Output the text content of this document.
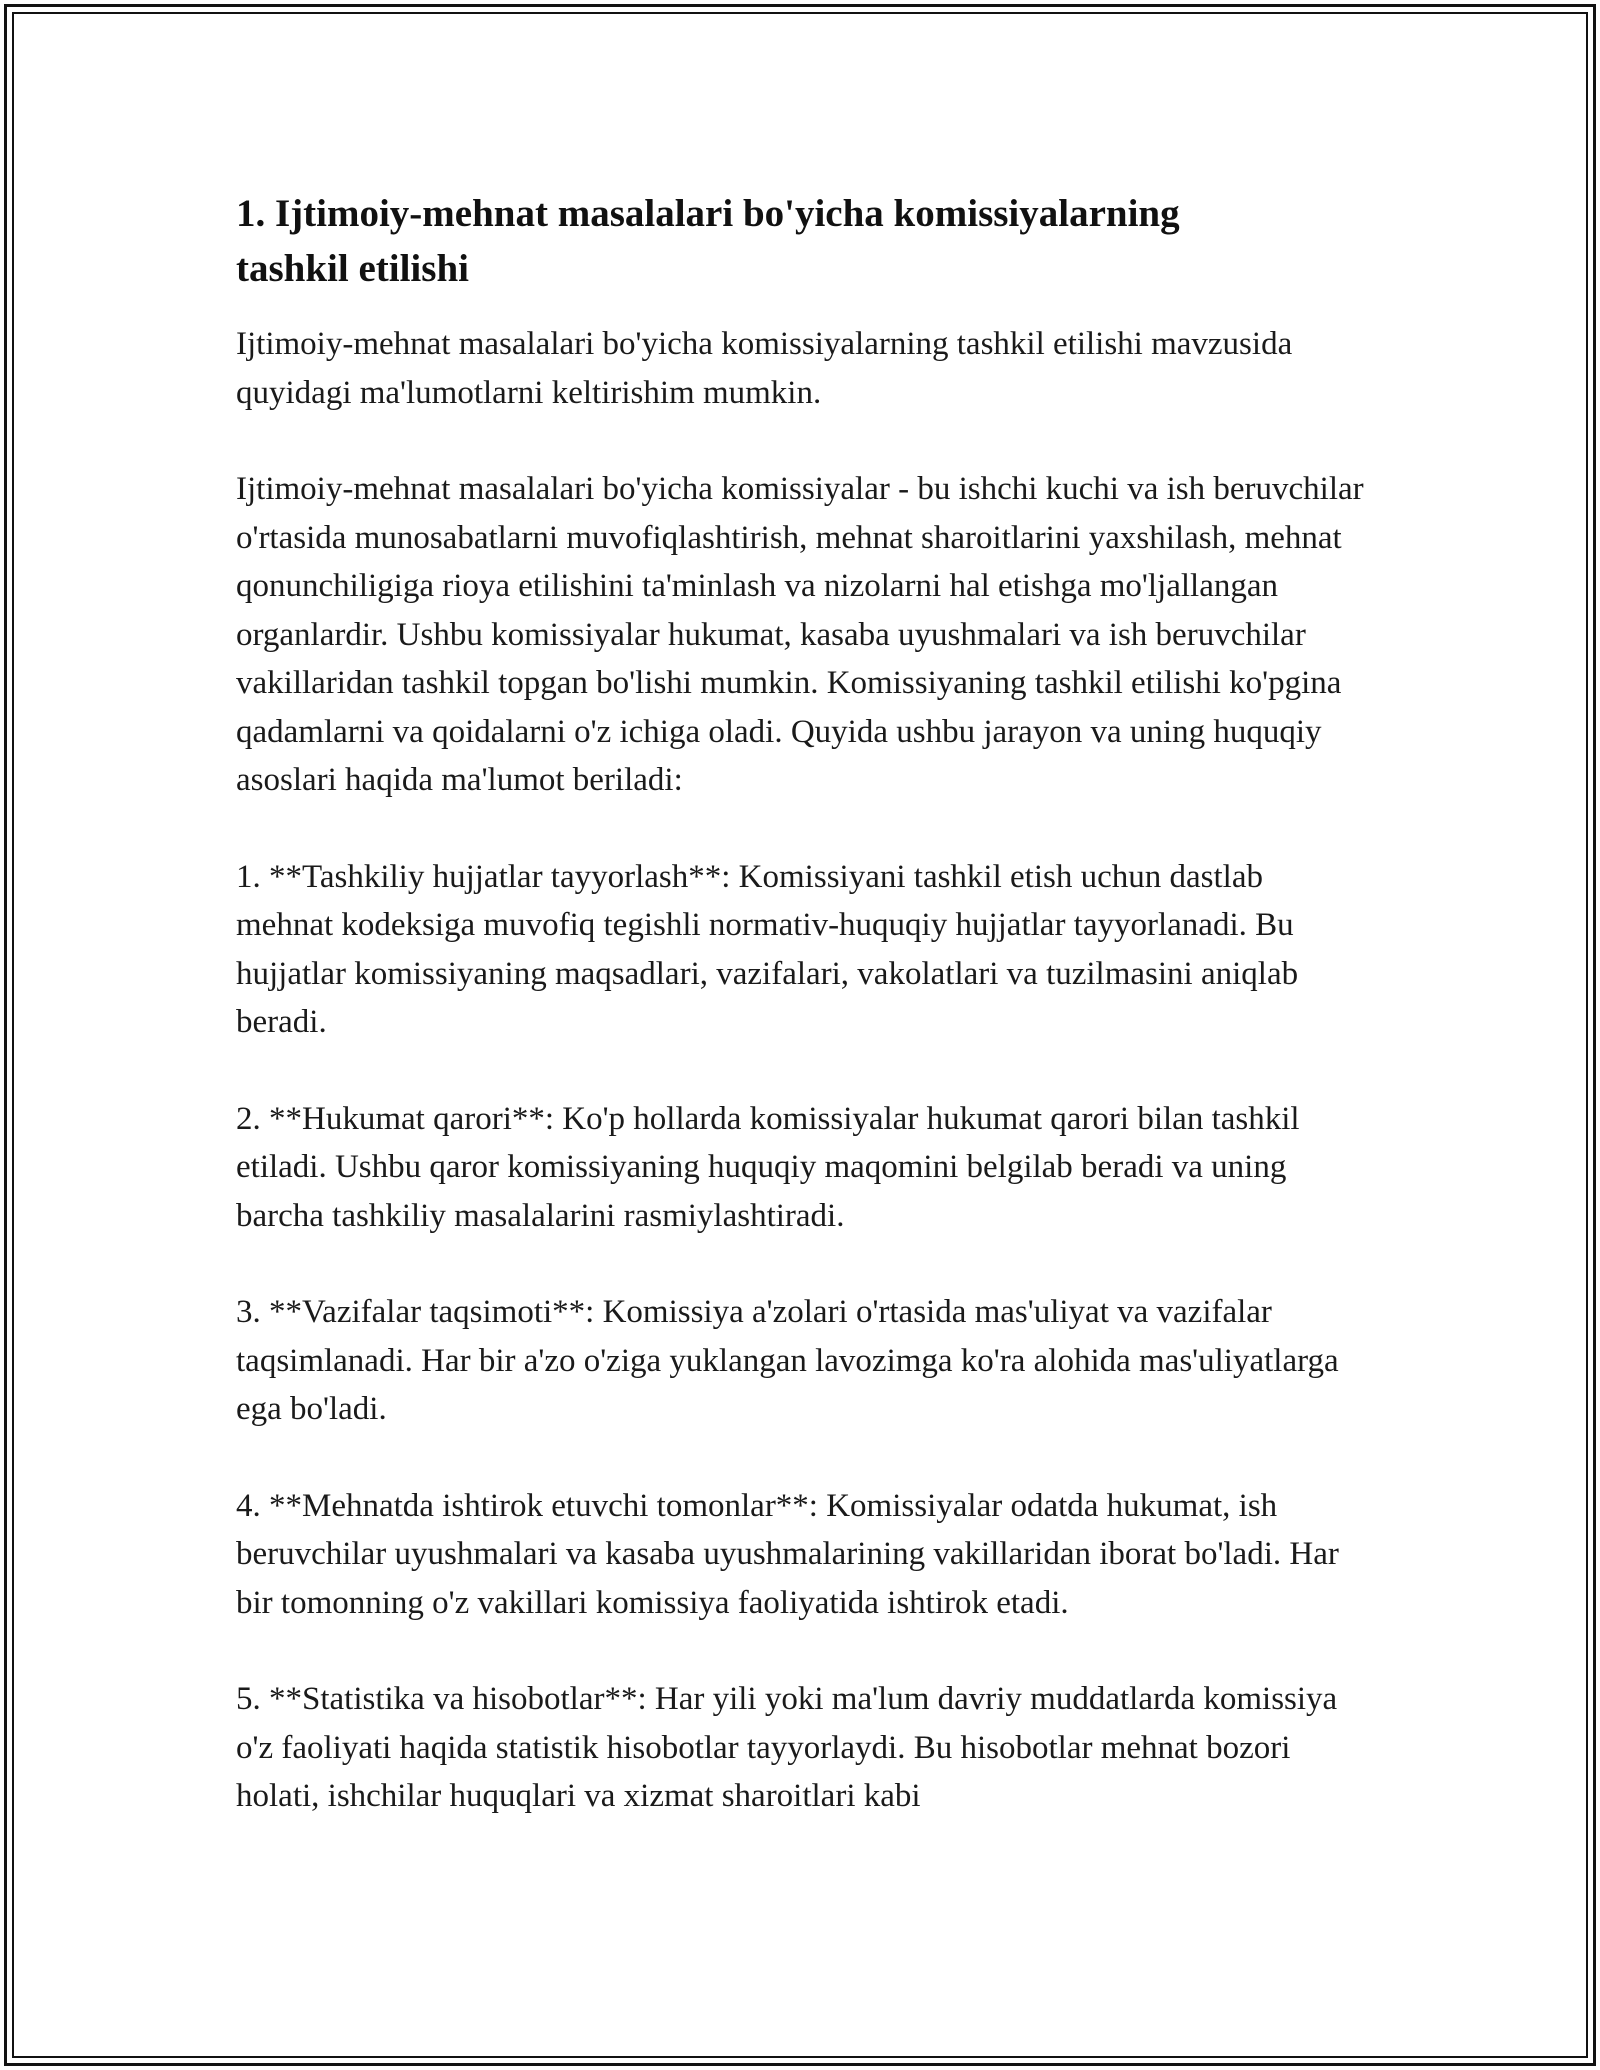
1. Ijtimoiy-mehnat masalalari bo'yicha komissiyalarning
tashkil etilishi

Ijtimoiy-mehnat masalalari bo'yicha komissiyalarning tashkil etilishi mavzusida quyidagi ma'lumotlarni keltirishim mumkin.

Ijtimoiy-mehnat masalalari bo'yicha komissiyalar - bu ishchi kuchi va ish beruvchilar o'rtasida munosabatlarni muvofiqlashtirish, mehnat sharoitlarini yaxshilash, mehnat qonunchiligiga rioya etilishini ta'minlash va nizolarni hal etishga mo'ljallangan organlardir. Ushbu komissiyalar hukumat, kasaba uyushmalari va ish beruvchilar vakillaridan tashkil topgan bo'lishi mumkin. Komissiyaning tashkil etilishi ko'pgina qadamlarni va qoidalarni o'z ichiga oladi. Quyida ushbu jarayon va uning huquqiy asoslari haqida ma'lumot beriladi:

1. **Tashkiliy hujjatlar tayyorlash**: Komissiyani tashkil etish uchun dastlab mehnat kodeksiga muvofiq tegishli normativ-huquqiy hujjatlar tayyorlanadi. Bu hujjatlar komissiyaning maqsadlari, vazifalari, vakolatlari va tuzilmasini aniqlab beradi.

2. **Hukumat qarori**: Ko'p hollarda komissiyalar hukumat qarori bilan tashkil etiladi. Ushbu qaror komissiyaning huquqiy maqomini belgilab beradi va uning barcha tashkiliy masalalarini rasmiylashtiradi.

3. **Vazifalar taqsimoti**: Komissiya a'zolari o'rtasida mas'uliyat va vazifalar taqsimlanadi. Har bir a'zo o'ziga yuklangan lavozimga ko'ra alohida mas'uliyatlarga ega bo'ladi.

4. **Mehnatda ishtirok etuvchi tomonlar**: Komissiyalar odatda hukumat, ish beruvchilar uyushmalari va kasaba uyushmalarining vakillaridan iborat bo'ladi. Har bir tomonning o'z vakillari komissiya faoliyatida ishtirok etadi.

5. **Statistika va hisobotlar**: Har yili yoki ma'lum davriy muddatlarda komissiya o'z faoliyati haqida statistik hisobotlar tayyorlaydi. Bu hisobotlar mehnat bozori holati, ishchilar huquqlari va xizmat sharoitlari kabi
